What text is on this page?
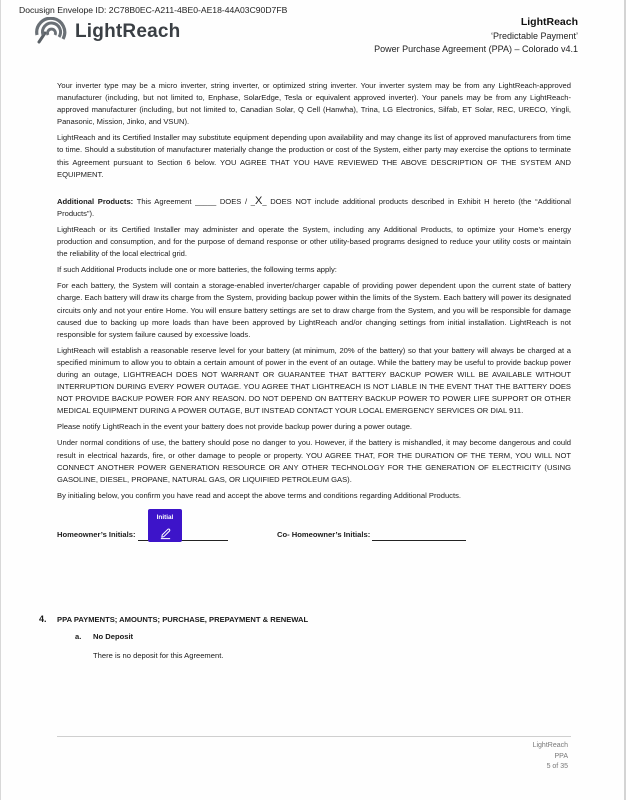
Docusign Envelope ID: 2C78B0EC-A211-4BE0-AE18-44A03C90D7FB
LightReach	LightReach
‘Predictable Payment’
Power Purchase Agreement (PPA) – Colorado v4.1

Your inverter type may be a micro inverter, string inverter, or optimized string inverter. Your inverter system may be from any LightReach-approved manufacturer (including, but not limited to, Enphase, SolarEdge, Tesla or equivalent approved inverter). Your panels may be from any LightReach-approved manufacturer (including, but not limited to, Canadian Solar, Q Cell (Hanwha), Trina, LG Electronics, Silfab, ET Solar, REC, URECO, Yingli, Panasonic, Mission, Jinko, and VSUN).

LightReach and its Certified Installer may substitute equipment depending upon availability and may change its list of approved manufacturers from time to time. Should a substitution of manufacturer materially change the production or cost of the System, either party may exercise the options to terminate this Agreement pursuant to Section 6 below. YOU AGREE THAT YOU HAVE REVIEWED THE ABOVE DESCRIPTION OF THE SYSTEM AND EQUIPMENT.

Additional Products: This Agreement _____ DOES / _X_ DOES NOT include additional products described in Exhibit H hereto (the “Additional Products”).

LightReach or its Certified Installer may administer and operate the System, including any Additional Products, to optimize your Home’s energy production and consumption, and for the purpose of demand response or other utility-based programs designed to reduce your utility costs or maintain the reliability of the local electrical grid.

If such Additional Products include one or more batteries, the following terms apply:

For each battery, the System will contain a storage-enabled inverter/charger capable of providing power dependent upon the current state of battery charge. Each battery will draw its charge from the System, providing backup power within the limits of the System. Each battery will power its designated circuits only and not your entire Home. You will ensure battery settings are set to draw charge from the System, and you will be responsible for damage caused due to backing up more loads than have been approved by LightReach and/or changing settings from initial installation. LightReach is not responsible for system failure caused by excessive loads.

LightReach will establish a reasonable reserve level for your battery (at minimum, 20% of the battery) so that your battery will always be charged at a specified minimum to allow you to obtain a certain amount of power in the event of an outage. While the battery may be useful to provide backup power during an outage, LIGHTREACH DOES NOT WARRANT OR GUARANTEE THAT BATTERY BACKUP POWER WILL BE AVAILABLE WITHOUT INTERRUPTION DURING EVERY POWER OUTAGE. YOU AGREE THAT LIGHTREACH IS NOT LIABLE IN THE EVENT THAT THE BATTERY DOES NOT PROVIDE BACKUP POWER FOR ANY REASON. DO NOT DEPEND ON BATTERY BACKUP POWER TO POWER LIFE SUPPORT OR OTHER MEDICAL EQUIPMENT DURING A POWER OUTAGE, BUT INSTEAD CONTACT YOUR LOCAL EMERGENCY SERVICES OR DIAL 911.

Please notify LightReach in the event your battery does not provide backup power during a power outage.

Under normal conditions of use, the battery should pose no danger to you. However, if the battery is mishandled, it may become dangerous and could result in electrical hazards, fire, or other damage to people or property. YOU AGREE THAT, FOR THE DURATION OF THE TERM, YOU WILL NOT CONNECT ANOTHER POWER GENERATION RESOURCE OR ANY OTHER TECHNOLOGY FOR THE GENERATION OF ELECTRICITY (USING GASOLINE, DIESEL, PROPANE, NATURAL GAS, OR LIQUIFIED PETROLEUM GAS).

By initialing below, you confirm you have read and accept the above terms and conditions regarding Additional Products.

Homeowner’s Initials:
Initial
Co- Homeowner’s Initials:
4. PPA PAYMENTS; AMOUNTS; PURCHASE, PREPAYMENT & RENEWAL
a. No Deposit
There is no deposit for this Agreement.
LightReach
PPA
5 of 35
